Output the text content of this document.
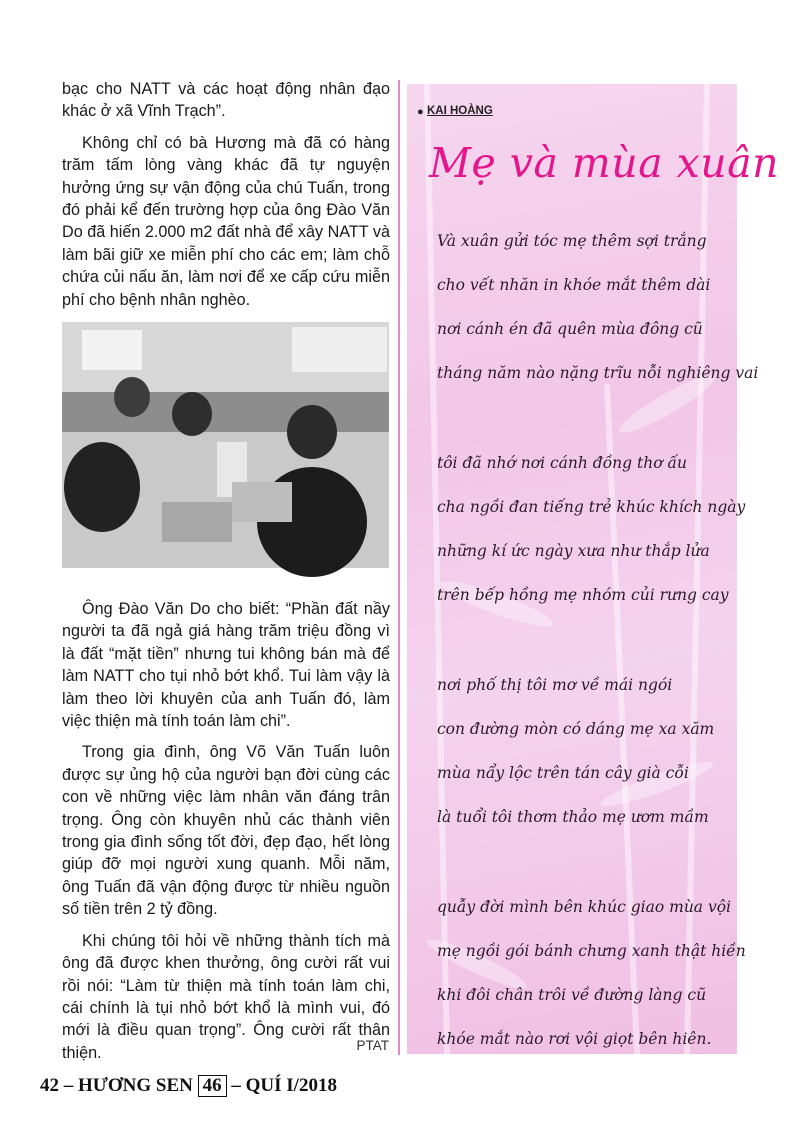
bạc cho NATT và các hoạt động nhân đạo khác ở xã Vĩnh Trạch”.

Không chỉ có bà Hương mà đã có hàng trăm tấm lòng vàng khác đã tự nguyện hưởng ứng sự vận động của chú Tuấn, trong đó phải kể đến trường hợp của ông Đào Văn Do đã hiến 2.000 m2 đất nhà để xây NATT và làm bãi giữ xe miễn phí cho các em; làm chỗ chứa củi nấu ăn, làm nơi để xe cấp cứu miễn phí cho bệnh nhân nghèo.

Ông Đào Văn Do cho biết: “Phần đất nầy người ta đã ngả giá hàng trăm triệu đồng vì là đất “mặt tiền” nhưng tui không bán mà để làm NATT cho tụi nhỏ bớt khổ. Tui làm vậy là làm theo lời khuyên của anh Tuấn đó, làm việc thiện mà tính toán làm chi”.

Trong gia đình, ông Võ Văn Tuấn luôn được sự ủng hộ của người bạn đời cùng các con về những việc làm nhân văn đáng trân trọng. Ông còn khuyên nhủ các thành viên trong gia đình sống tốt đời, đẹp đạo, hết lòng giúp đỡ mọi người xung quanh. Mỗi năm, ông Tuấn đã vận động được từ nhiều nguồn số tiền trên 2 tỷ đồng.

Khi chúng tôi hỏi về những thành tích mà ông đã được khen thưởng, ông cười rất vui rồi nói: “Làm từ thiện mà tính toán làm chi, cái chính là tụi nhỏ bớt khổ là mình vui, đó mới là điều quan trọng”. Ông cười rất thân thiện.	PTAT
● KAI HOÀNG
Mẹ và mùa xuân
Và xuân gửi tóc mẹ thêm sợi trắng
cho vết nhăn in khóe mắt thêm dài
nơi cánh én đã quên mùa đông cũ
tháng năm nào nặng trĩu nỗi nghiêng vai
tôi đã nhớ nơi cánh đồng thơ ấu
cha ngồi đan tiếng trẻ khúc khích ngày
những kí ức ngày xưa như thắp lửa
trên bếp hồng mẹ nhóm củi rưng cay
nơi phố thị tôi mơ về mái ngói
con đường mòn có dáng mẹ xa xăm
mùa nẩy lộc trên tán cây già cỗi
là tuổi tôi thơm thảo mẹ ươm mầm
quẫy đời mình bên khúc giao mùa vội
mẹ ngồi gói bánh chưng xanh thật hiền
khi đôi chân trôi về đường làng cũ
khóe mắt nào rơi vội giọt bên hiên.
42 – HƯƠNG SEN 46 – QUÍ I/2018
